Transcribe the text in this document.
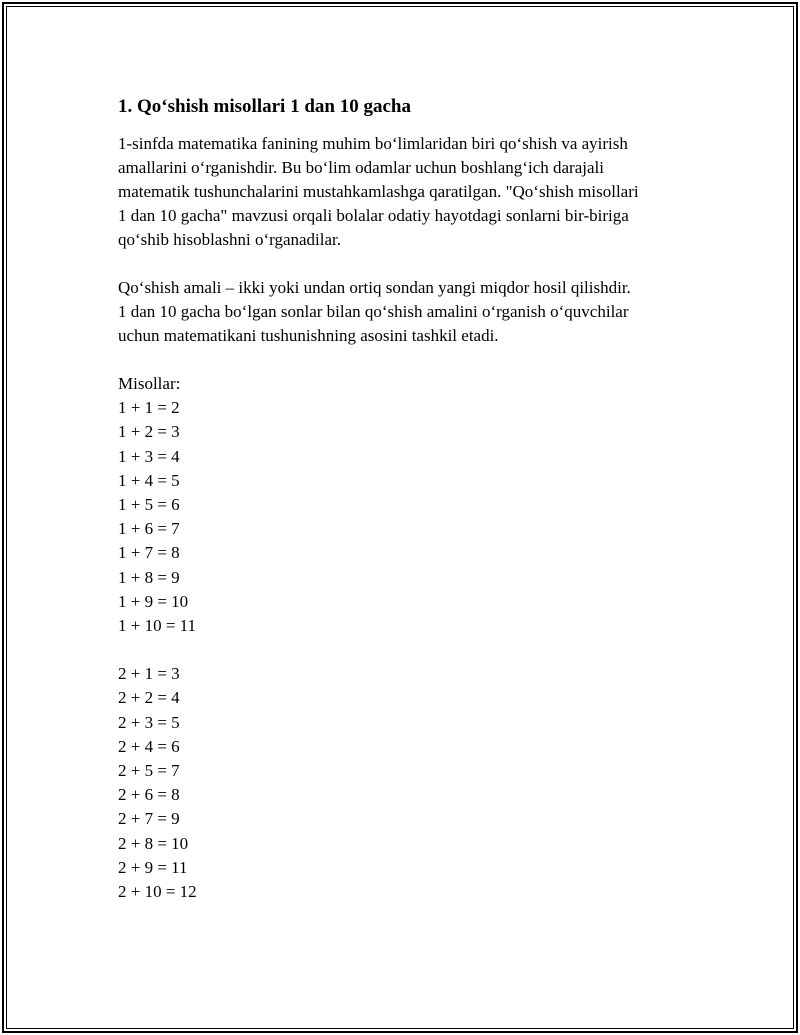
1. Qo‘shish misollari 1 dan 10 gacha

1-sinfda matematika fanining muhim bo‘limlaridan biri qo‘shish va ayirish

amallarini o‘rganishdir. Bu bo‘lim odamlar uchun boshlang‘ich darajali

matematik tushunchalarini mustahkamlashga qaratilgan. "Qo‘shish misollari

1 dan 10 gacha" mavzusi orqali bolalar odatiy hayotdagi sonlarni bir-biriga

qo‘shib hisoblashni o‘rganadilar.

Qo‘shish amali – ikki yoki undan ortiq sondan yangi miqdor hosil qilishdir.

1 dan 10 gacha bo‘lgan sonlar bilan qo‘shish amalini o‘rganish o‘quvchilar

uchun matematikani tushunishning asosini tashkil etadi.

Misollar:
1 + 1 = 2
1 + 2 = 3
1 + 3 = 4
1 + 4 = 5
1 + 5 = 6
1 + 6 = 7
1 + 7 = 8
1 + 8 = 9
1 + 9 = 10
1 + 10 = 11
2 + 1 = 3
2 + 2 = 4
2 + 3 = 5
2 + 4 = 6
2 + 5 = 7
2 + 6 = 8
2 + 7 = 9
2 + 8 = 10
2 + 9 = 11
2 + 10 = 12
